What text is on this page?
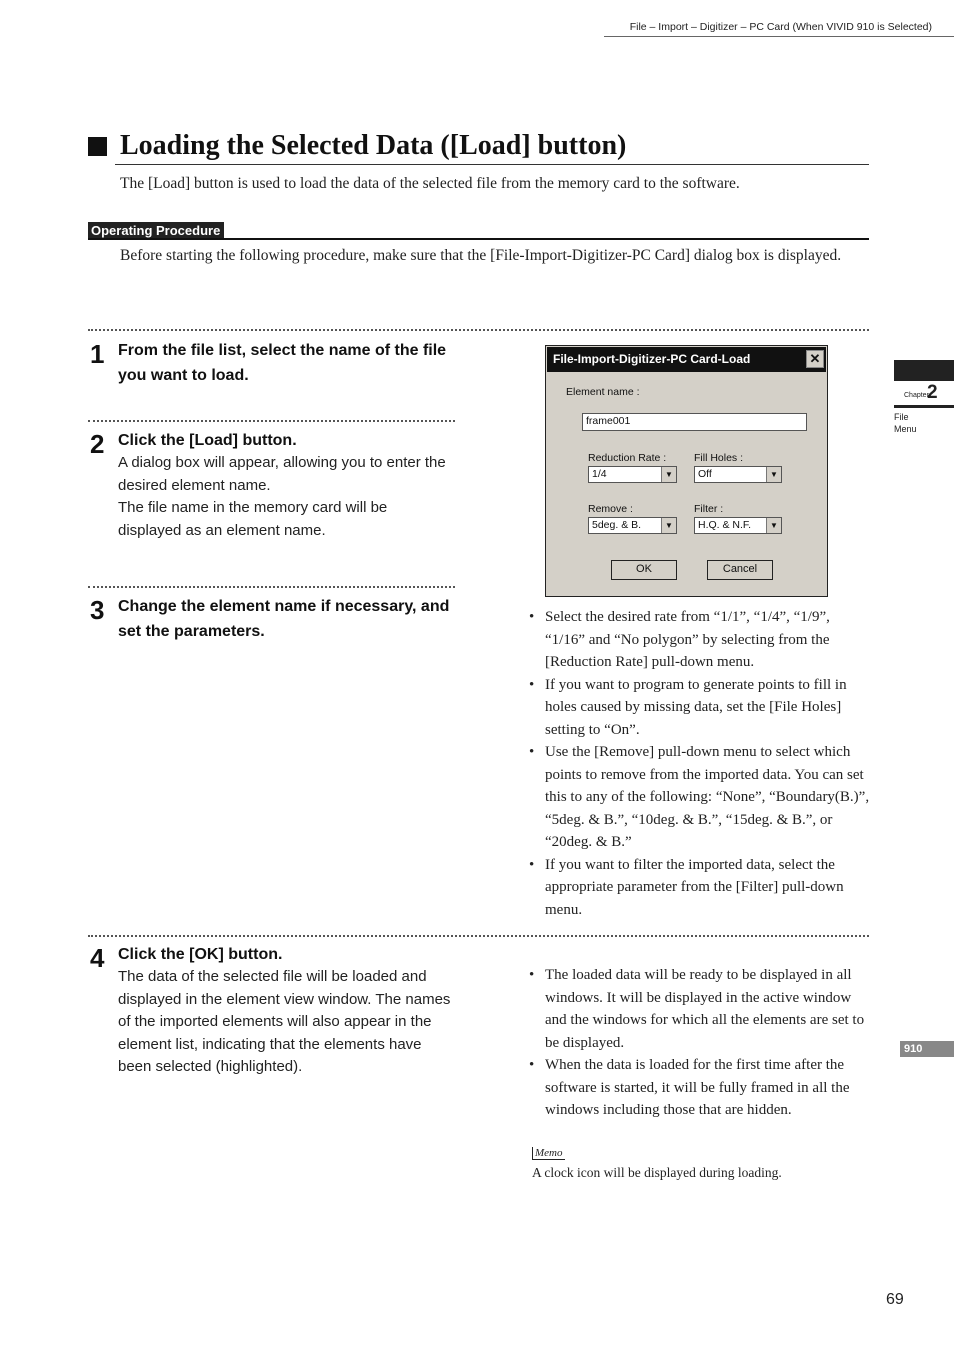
File – Import – Digitizer – PC Card (When VIVID 910 is Selected)
Loading the Selected Data ([Load] button)
The [Load] button is used to load the data of the selected file from the memory card to the software.
Operating Procedure
Before starting the following procedure, make sure that the [File-Import-Digitizer-PC Card] dialog box is displayed.
1 From the file list, select the name of the file you want to load.
2 Click the [Load] button.
A dialog box will appear, allowing you to enter the desired element name.
The file name in the memory card will be displayed as an element name.
3 Change the element name if necessary, and set the parameters.
4 Click the [OK] button.
The data of the selected file will be loaded and displayed in the element view window. The names of the imported elements will also appear in the element list, indicating that the elements have been selected (highlighted).
File-Import-Digitizer-PC Card-Load	✕
Element name :
frame001
Reduction Rate :
1/4	▼
Fill Holes :
Off	▼
Remove :
5deg. & B.	▼
Filter :
H.Q. & N.F.	▼
OK	Cancel
• Select the desired rate from “1/1”, “1/4”, “1/9”, “1/16” and “No polygon” by selecting from the [Reduction Rate] pull-down menu.
• If you want to program to generate points to fill in holes caused by missing data, set the [File Holes] setting to “On”.
• Use the [Remove] pull-down menu to select which points to remove from the imported data. You can set this to any of the following: “None”, “Boundary(B.)”, “5deg. & B.”, “10deg. & B.”, “15deg. & B.”, or “20deg. & B.”
• If you want to filter the imported data, select the appropriate parameter from the [Filter] pull-down menu.
• The loaded data will be ready to be displayed in all windows. It will be displayed in the active window and the windows for which all the elements are set to be displayed.
• When the data is loaded for the first time after the software is started, it will be fully framed in all the windows including those that are hidden.
Memo
A clock icon will be displayed during loading.
Chapter
2
File
Menu
910
69
